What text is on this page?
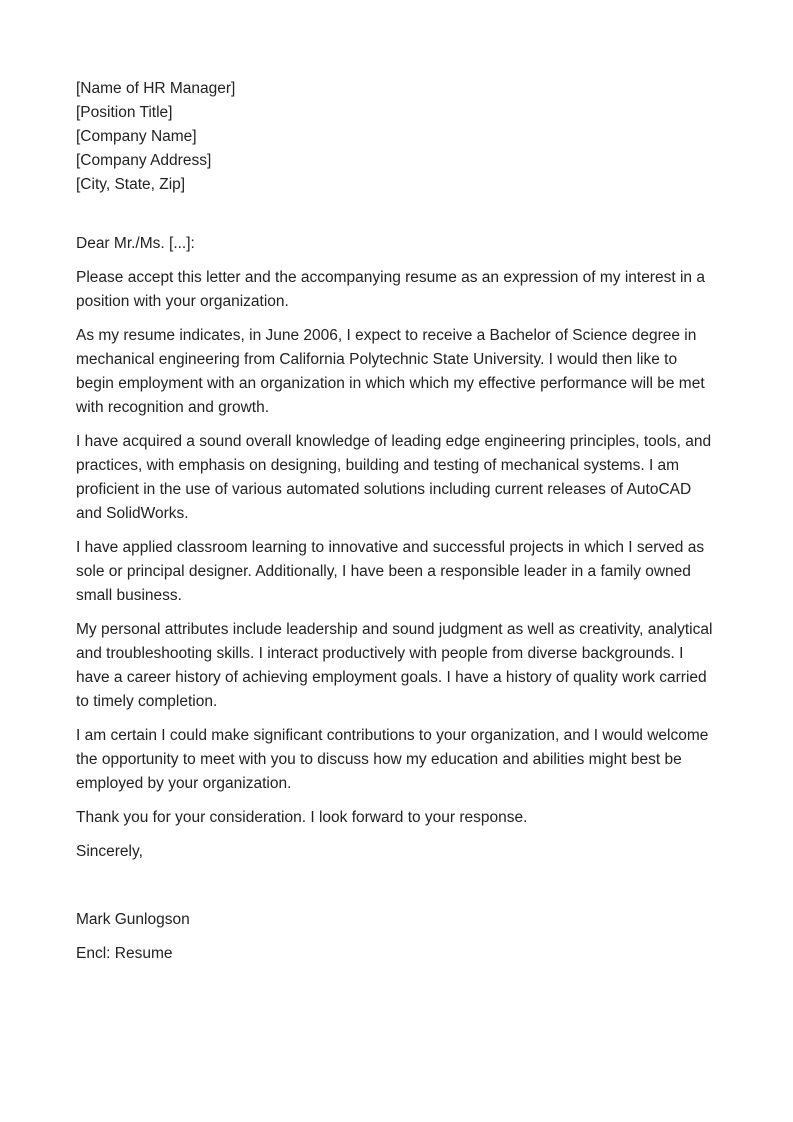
[Name of HR Manager]
[Position Title]
[Company Name]
[Company Address]
[City, State, Zip]

Dear Mr./Ms. [...]:

Please accept this letter and the accompanying resume as an expression of my interest in a position with your organization.

As my resume indicates, in June 2006, I expect to receive a Bachelor of Science degree in mechanical engineering from California Polytechnic State University. I would then like to begin employment with an organization in which which my effective performance will be met with recognition and growth.

I have acquired a sound overall knowledge of leading edge engineering principles, tools, and practices, with emphasis on designing, building and testing of mechanical systems. I am proficient in the use of various automated solutions including current releases of AutoCAD and SolidWorks.

I have applied classroom learning to innovative and successful projects in which I served as sole or principal designer. Additionally, I have been a responsible leader in a family owned small business.

My personal attributes include leadership and sound judgment as well as creativity, analytical and troubleshooting skills. I interact productively with people from diverse backgrounds. I have a career history of achieving employment goals. I have a history of quality work carried to timely completion.

I am certain I could make significant contributions to your organization, and I would welcome the opportunity to meet with you to discuss how my education and abilities might best be employed by your organization.

Thank you for your consideration. I look forward to your response.

Sincerely,

Mark Gunlogson

Encl: Resume
